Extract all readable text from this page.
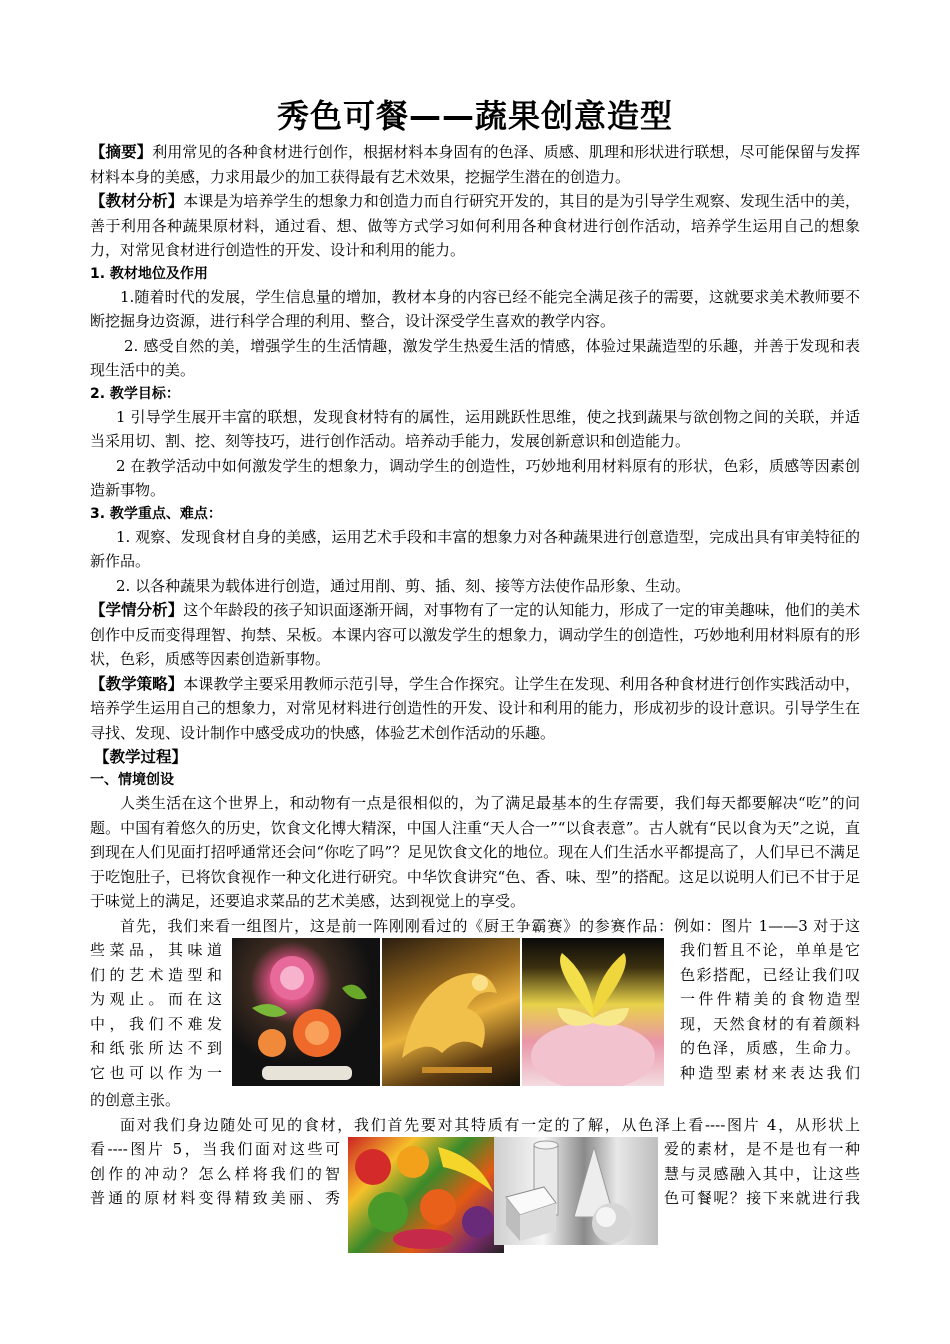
秀色可餐——蔬果创意造型

【摘要】利用常见的各种食材进行创作，根据材料本身固有的色泽、质感、肌理和形状进行联想，尽可能保留与发挥材料本身的美感，力求用最少的加工获得最有艺术效果，挖掘学生潜在的创造力。

【教材分析】本课是为培养学生的想象力和创造力而自行研究开发的，其目的是为引导学生观察、发现生活中的美，善于利用各种蔬果原材料，通过看、想、做等方式学习如何利用各种食材进行创作活动，培养学生运用自己的想象力，对常见食材进行创造性的开发、设计和利用的能力。

1. 教材地位及作用

1.随着时代的发展，学生信息量的增加，教材本身的内容已经不能完全满足孩子的需要，这就要求美术教师要不断挖掘身边资源，进行科学合理的利用、整合，设计深受学生喜欢的教学内容。

2. 感受自然的美，增强学生的生活情趣，激发学生热爱生活的情感，体验过果蔬造型的乐趣，并善于发现和表现生活中的美。

2. 教学目标：

1 引导学生展开丰富的联想，发现食材特有的属性，运用跳跃性思维，使之找到蔬果与欲创物之间的关联，并适当采用切、割、挖、刻等技巧，进行创作活动。培养动手能力，发展创新意识和创造能力。

2 在教学活动中如何激发学生的想象力，调动学生的创造性，巧妙地利用材料原有的形状，色彩，质感等因素创造新事物。

3. 教学重点、难点：

1. 观察、发现食材自身的美感，运用艺术手段和丰富的想象力对各种蔬果进行创意造型，完成出具有审美特征的新作品。

2. 以各种蔬果为载体进行创造，通过用削、剪、插、刻、接等方法使作品形象、生动。

【学情分析】这个年龄段的孩子知识面逐渐开阔，对事物有了一定的认知能力，形成了一定的审美趣味，他们的美术创作中反而变得理智、拘禁、呆板。本课内容可以激发学生的想象力，调动学生的创造性，巧妙地利用材料原有的形状，色彩，质感等因素创造新事物。

【教学策略】本课教学主要采用教师示范引导，学生合作探究。让学生在发现、利用各种食材进行创作实践活动中，培养学生运用自己的想象力，对常见材料进行创造性的开发、设计和利用的能力，形成初步的设计意识。引导学生在寻找、发现、设计制作中感受成功的快感，体验艺术创作活动的乐趣。

【教学过程】

一、情境创设

人类生活在这个世界上，和动物有一点是很相似的，为了满足最基本的生存需要，我们每天都要解决“吃”的问题。中国有着悠久的历史，饮食文化博大精深，中国人注重“天人合一”“以食表意”。古人就有“民以食为天”之说，直到现在人们见面打招呼通常还会问“你吃了吗”？足见饮食文化的地位。现在人们生活水平都提高了，人们早已不满足于吃饱肚子，已将饮食视作一种文化进行研究。中华饮食讲究“色、香、味、型”的搭配。这足以说明人们已不甘于足于味觉上的满足，还要追求菜品的艺术美感，达到视觉上的享受。

首先，我们来看一组图片，这是前一阵刚刚看过的《厨王争霸赛》的参赛作品：例如：图片 1——3 对于这

些菜品，其味道

们的艺术造型和

为观止。而在这

中，我们不难发

和纸张所达不到

它也可以作为一

我们暂且不论，单单是它

色彩搭配，已经让我们叹

一件件精美的食物造型

现，天然食材的有着颜料

的色泽，质感，生命力。

种造型素材来表达我们

的创意主张。

面对我们身边随处可见的食材，我们首先要对其特质有一定的了解，从色泽上看----图片 4，从形状上

看----图片 5，当我们面对这些可

创作的冲动？怎么样将我们的智

普通的原材料变得精致美丽、秀

爱的素材，是不是也有一种

慧与灵感融入其中，让这些

色可餐呢？接下来就进行我
